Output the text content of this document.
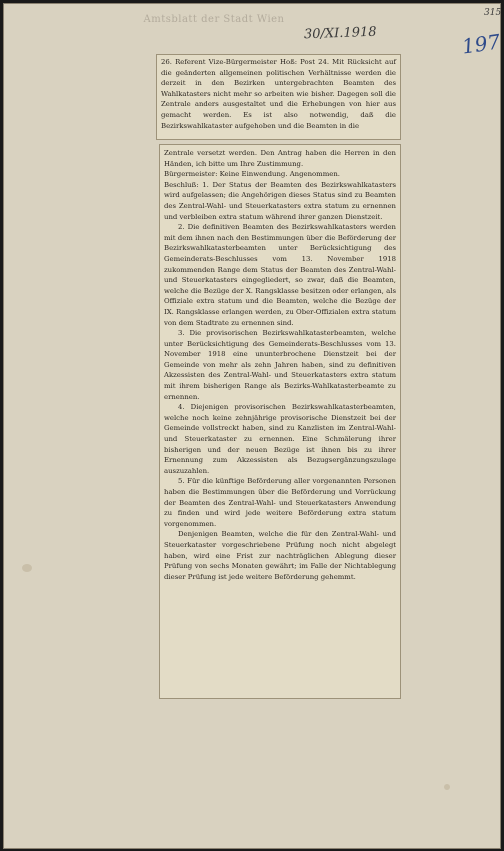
Amtsblatt der Stadt Wien
30/XI.1918	197
315

26. Referent Vize-Bürgermeister Hoß: Post 24. Mit Rücksicht auf die geänderten allgemeinen politischen Verhältnisse werden die derzeit in den Bezirken untergebrachten Beamten des Wahlkatasters nicht mehr so arbeiten wie bisher. Dagegen soll die Zentrale anders ausgestaltet und die Erhebungen von hier aus gemacht werden. Es ist also notwendig, daß die Bezirkswahlkataster aufgehoben und die Beamten in die

Zentrale versetzt werden. Den Antrag haben die Herren in den Händen, ich bitte um Ihre Zustimmung.

Bürgermeister: Keine Einwendung. Angenommen.

Beschluß: 1. Der Status der Beamten des Bezirkswahlkatasters wird aufgelassen; die Angehörigen dieses Status sind zu Beamten des Zentral-Wahl- und Steuerkatasters extra statum zu ernennen und verbleiben extra statum während ihrer ganzen Dienstzeit.

2. Die definitiven Beamten des Bezirkswahlkatasters werden mit dem ihnen nach den Bestimmungen über die Beförderung der Bezirkswahlkatasterbeamten unter Berücksichtigung des Gemeinderats-Beschlusses vom 13. November 1918 zukommenden Range dem Status der Beamten des Zentral-Wahl- und Steuerkatasters eingegliedert, so zwar, daß die Beamten, welche die Bezüge der X. Rangsklasse besitzen oder erlangen, als Offiziale extra statum und die Beamten, welche die Bezüge der IX. Rangsklasse erlangen werden, zu Ober-Offizialen extra statum von dem Stadtrate zu ernennen sind.

3. Die provisorischen Bezirkswahlkatasterbeamten, welche unter Berücksichtigung des Gemeinderats-Beschlusses vom 13. November 1918 eine ununterbrochene Dienstzeit bei der Gemeinde von mehr als zehn Jahren haben, sind zu definitiven Akzessisten des Zentral-Wahl- und Steuerkatasters extra statum mit ihrem bisherigen Range als Bezirks-Wahlkatasterbeamte zu ernennen.

4. Diejenigen provisorischen Bezirkswahlkatasterbeamten, welche noch keine zehnjährige provisorische Dienstzeit bei der Gemeinde vollstreckt haben, sind zu Kanzlisten im Zentral-Wahl- und Steuerkataster zu ernennen. Eine Schmälerung ihrer bisherigen und der neuen Bezüge ist ihnen bis zu ihrer Ernennung zum Akzessisten als Bezugsergänzungszulage auszuzahlen.

5. Für die künftige Beförderung aller vorgenannten Personen haben die Bestimmungen über die Beförderung und Vorrückung der Beamten des Zentral-Wahl- und Steuerkatasters Anwendung zu finden und wird jede weitere Beförderung extra statum vorgenommen.

Denjenigen Beamten, welche die für den Zentral-Wahl- und Steuerkataster vorgeschriebene Prüfung noch nicht abgelegt haben, wird eine Frist zur nachträglichen Ablegung dieser Prüfung von sechs Monaten gewährt; im Falle der Nichtablegung dieser Prüfung ist jede weitere Beförderung gehemmt.
